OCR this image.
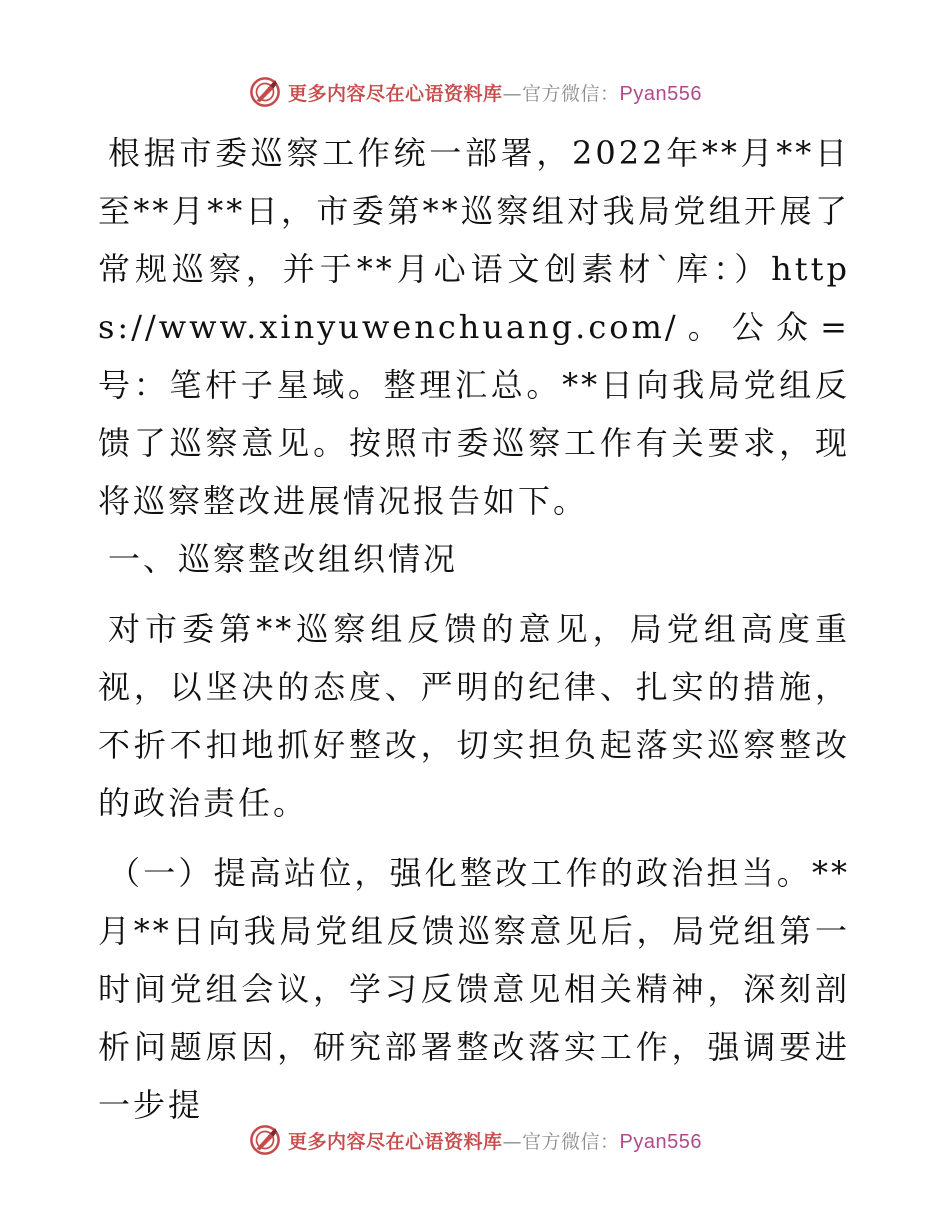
更多内容尽在心语资料库—官方微信：Pyan556

根据市委巡察工作统一部署，2022年**月**日至**月**日，市委第**巡察组对我局党组开展了常规巡察，并于**月心语文创素材`库：）https://www.xinyuwenchuang.com/。公众=号：笔杆子星域。整理汇总。**日向我局党组反馈了巡察意见。按照市委巡察工作有关要求，现将巡察整改进展情况报告如下。

一、巡察整改组织情况

对市委第**巡察组反馈的意见，局党组高度重视，以坚决的态度、严明的纪律、扎实的措施，不折不扣地抓好整改，切实担负起落实巡察整改的政治责任。

（一）提高站位，强化整改工作的政治担当。**月**日向我局党组反馈巡察意见后，局党组第一时间党组会议，学习反馈意见相关精神，深刻剖析问题原因，研究部署整改落实工作，强调要进一步提

更多内容尽在心语资料库—官方微信：Pyan556
